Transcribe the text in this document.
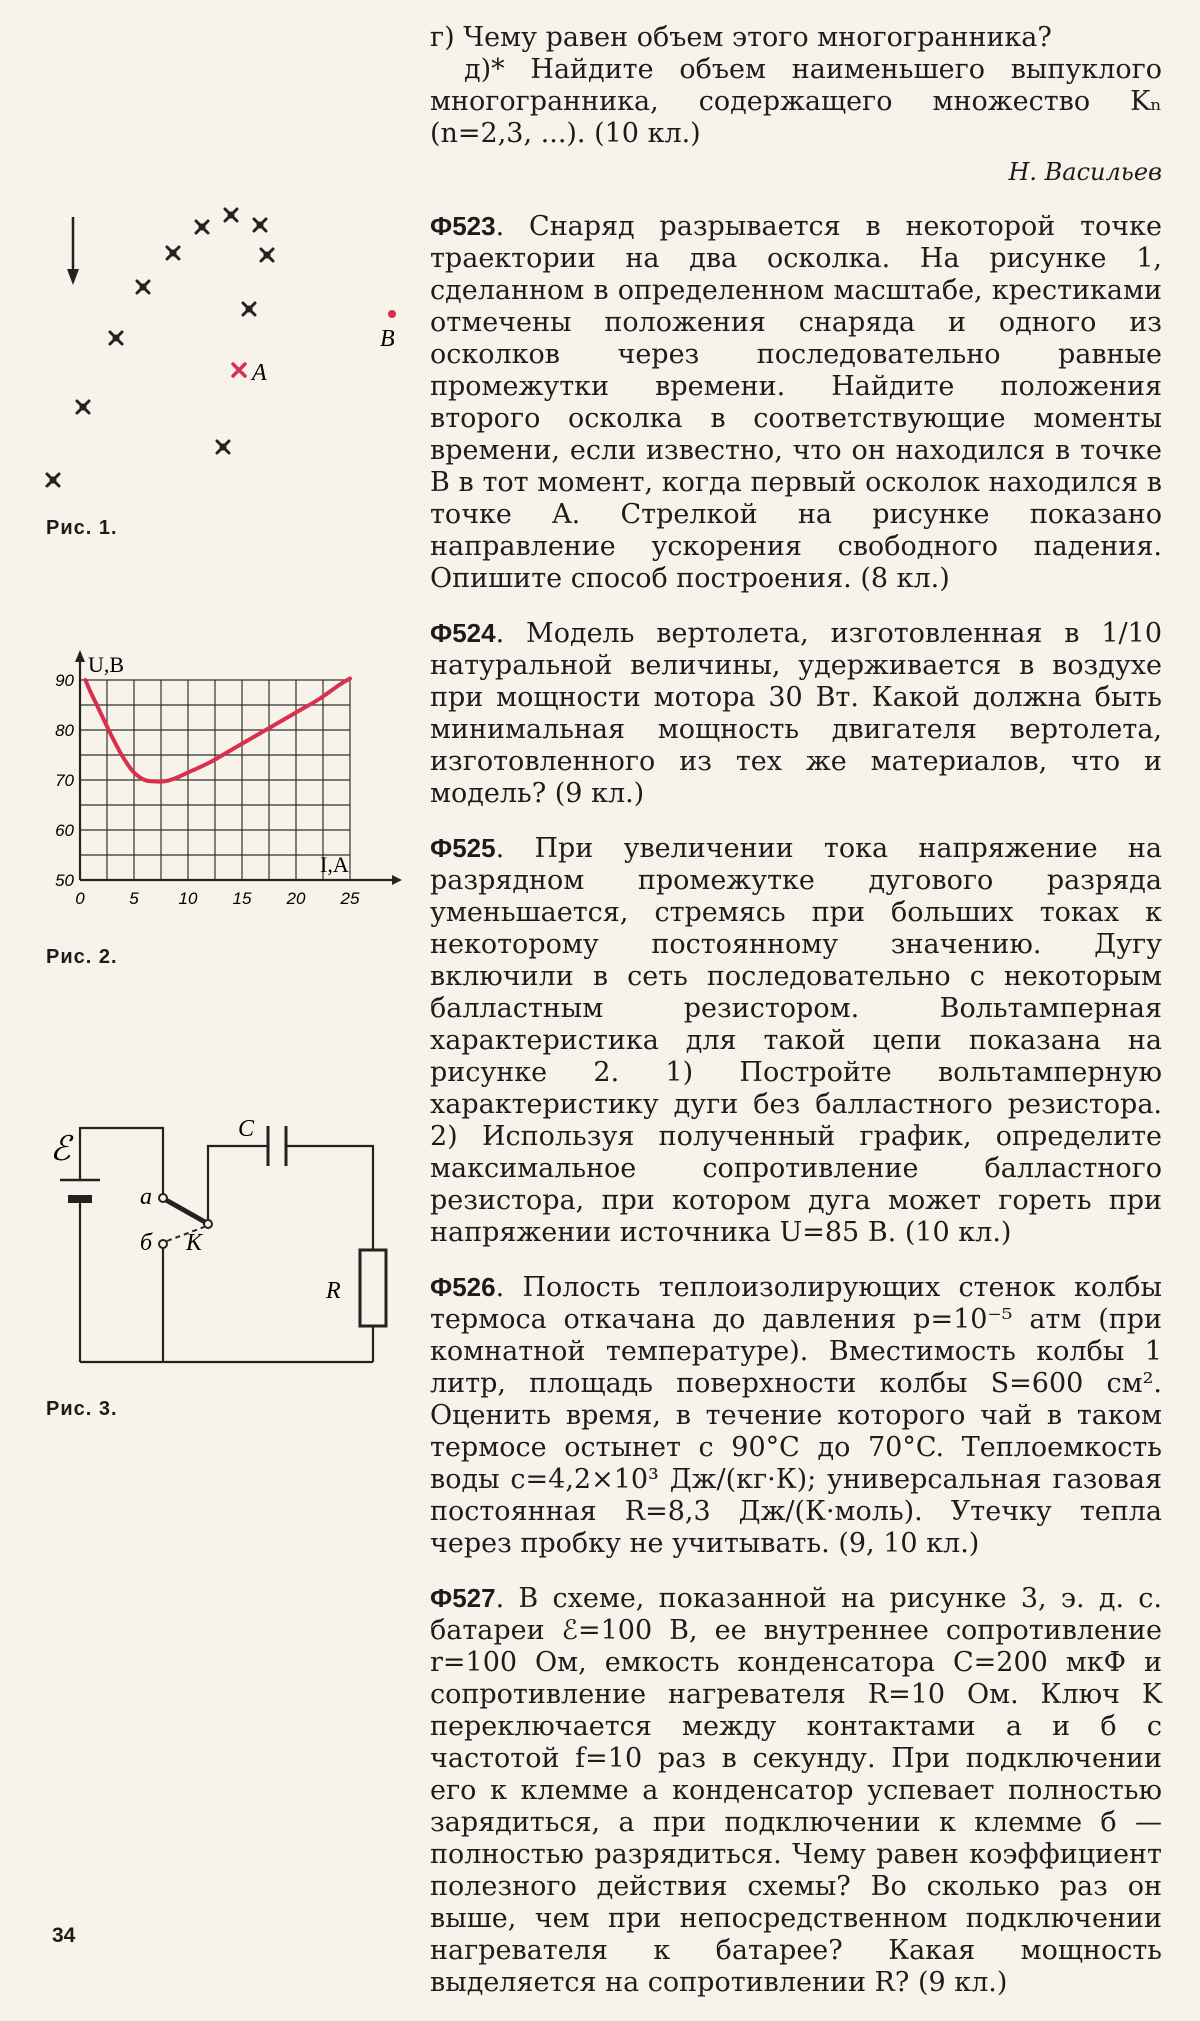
г) Чему равен объем этого многогранника?

д)* Найдите объем наименьшего выпуклого многогранника, содержащего множество Kₙ (n=2,3, ...). (10 кл.)

Н. Васильев

Ф523. Снаряд разрывается в некоторой точке траектории на два осколка. На рисунке 1, сделанном в определенном масштабе, крестиками отмечены положения снаряда и одного из осколков через последовательно равные промежутки времени. Найдите положения второго осколка в соответствующие моменты времени, если известно, что он находился в точке B в тот момент, когда первый осколок находился в точке A. Стрелкой на рисунке показано направление ускорения свободного падения. Опишите способ построения. (8 кл.)

Ф524. Модель вертолета, изготовленная в 1/10 натуральной величины, удерживается в воздухе при мощности мотора 30 Вт. Какой должна быть минимальная мощность двигателя вертолета, изготовленного из тех же материалов, что и модель? (9 кл.)

Ф525. При увеличении тока напряжение на разрядном промежутке дугового разряда уменьшается, стремясь при больших токах к некоторому постоянному значению. Дугу включили в сеть последовательно с некоторым балластным резистором. Вольтамперная характеристика для такой цепи показана на рисунке 2. 1) Постройте вольтамперную характеристику дуги без балластного резистора. 2) Используя полученный график, определите максимальное сопротивление балластного резистора, при котором дуга может гореть при напряжении источника U=85 В. (10 кл.)

Ф526. Полость теплоизолирующих стенок колбы термоса откачана до давления p=10⁻⁵ атм (при комнатной температуре). Вместимость колбы 1 литр, площадь поверхности колбы S=600 см². Оценить время, в течение которого чай в таком термосе остынет с 90°C до 70°C. Теплоемкость воды c=4,2×10³ Дж/(кг·К); универсальная газовая постоянная R=8,3 Дж/(К·моль). Утечку тепла через пробку не учитывать. (9, 10 кл.)

Ф527. В схеме, показанной на рисунке 3, э. д. с. батареи ℰ=100 В, ее внутреннее сопротивление r=100 Ом, емкость конденсатора C=200 мкФ и сопротивление нагревателя R=10 Ом. Ключ K переключается между контактами a и б с частотой f=10 раз в секунду. При подключении его к клемме a конденсатор успевает полностью зарядиться, а при подключении к клемме б — полностью разрядиться. Чему равен коэффициент полезного действия схемы? Во сколько раз он выше, чем при непосредственном подключении нагревателя к батарее? Какая мощность выделяется на сопротивлении R? (9 кл.)

A
B
Рис. 1.
0	5 10 15 20 25
50
60
70
80
90
U,В
I,А
Рис. 2.
ℰ
C
R
a
б K
Рис. 3.
34
